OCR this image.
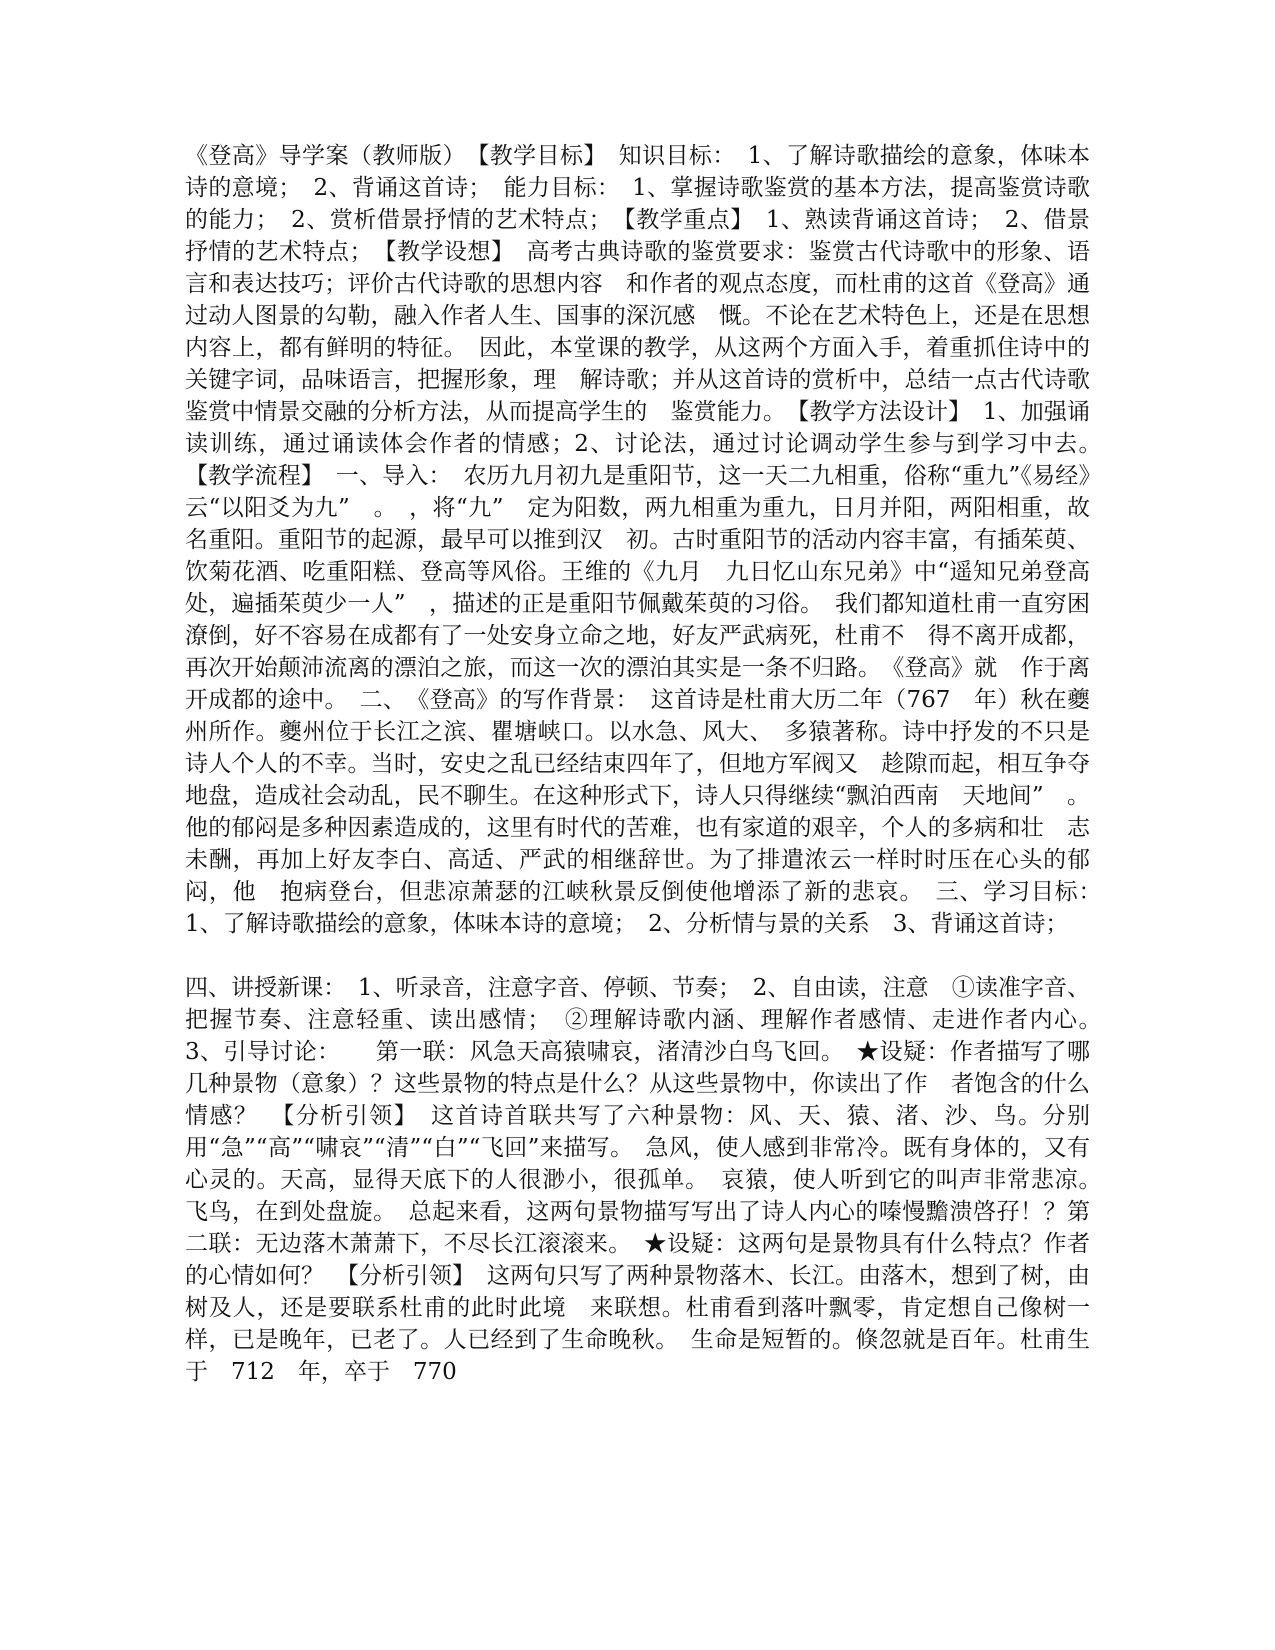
《登高》导学案（教师版）　【教学目标】　知识目标：　1、了解诗歌描绘的意象，体味本诗的意境；　2、背诵这首诗；　能力目标：　1、掌握诗歌鉴赏的基本方法，提高鉴赏诗歌的能力；　2、赏析借景抒情的艺术特点；　【教学重点】　1、熟读背诵这首诗；　2、借景抒情的艺术特点；　【教学设想】　高考古典诗歌的鉴赏要求：鉴赏古代诗歌中的形象、语言和表达技巧；评价古代诗歌的思想内容　和作者的观点态度，而杜甫的这首《登高》通过动人图景的勾勒，融入作者人生、国事的深沉感　慨。不论在艺术特色上，还是在思想内容上，都有鲜明的特征。　因此，本堂课的教学，从这两个方面入手，着重抓住诗中的关键字词，品味语言，把握形象，理　解诗歌；并从这首诗的赏析中，总结一点古代诗歌鉴赏中情景交融的分析方法，从而提高学生的　鉴赏能力。　【教学方法设计】　1、加强诵读训练，通过诵读体会作者的情感；2、讨论法，通过讨论调动学生参与到学习中去。　【教学流程】　一、导入：　农历九月初九是重阳节，这一天二九相重，俗称“重九”《易经》云“以阳爻为九”　。　，将“九”　定为阳数，两九相重为重九，日月并阳，两阳相重，故名重阳。重阳节的起源，最早可以推到汉　初。古时重阳节的活动内容丰富，有插茱萸、饮菊花酒、吃重阳糕、登高等风俗。王维的《九月　九日忆山东兄弟》中“遥知兄弟登高处，遍插茱萸少一人”　，描述的正是重阳节佩戴茱萸的习俗。　我们都知道杜甫一直穷困潦倒，好不容易在成都有了一处安身立命之地，好友严武病死，杜甫不　得不离开成都，再次开始颠沛流离的漂泊之旅，而这一次的漂泊其实是一条不归路。　《登高》就　作于离开成都的途中。　二、　《登高》的写作背景：　这首诗是杜甫大历二年（767　年）秋在夔州所作。夔州位于长江之滨、瞿塘峡口。以水急、风大、　多猿著称。诗中抒发的不只是诗人个人的不幸。当时，安史之乱已经结束四年了，但地方军阀又　趁隙而起，相互争夺地盘，造成社会动乱，民不聊生。在这种形式下，诗人只得继续“飘泊西南　天地间”　。他的郁闷是多种因素造成的，这里有时代的苦难，也有家道的艰辛，个人的多病和壮　志未酬，再加上好友李白、高适、严武的相继辞世。为了排遣浓云一样时时压在心头的郁闷，他　抱病登台，但悲凉萧瑟的江峡秋景反倒使他增添了新的悲哀。　三、学习目标：　1、了解诗歌描绘的意象，体味本诗的意境；　2、分析情与景的关系　3、背诵这首诗；

四、讲授新课：　1、听录音，注意字音、停顿、节奏；　2、自由读，注意　①读准字音、把握节奏、注意轻重、读出感情；　②理解诗歌内涵、理解作者感情、走进作者内心。　3、引导讨论：　　第一联：风急天高猿啸哀，渚清沙白鸟飞回。　★设疑：作者描写了哪几种景物（意象）？这些景物的特点是什么？从这些景物中，你读出了作　者饱含的什么情感？　【分析引领】　这首诗首联共写了六种景物：风、天、猿、渚、沙、鸟。分别用“急”“高”“啸哀”“清”“白”“飞回”来描写。　急风，使人感到非常冷。既有身体的，又有心灵的。天高，显得天底下的人很渺小，很孤单。　哀猿，使人听到它的叫声非常悲凉。　飞鸟，在到处盘旋。　总起来看，这两句景物描写写出了诗人内心的嗪慢黵溃啓孖！？第二联：无边落木萧萧下，不尽长江滚滚来。　★设疑：这两句是景物具有什么特点？作者的心情如何？　【分析引领】　这两句只写了两种景物落木、长江。由落木，想到了树，由树及人，还是要联系杜甫的此时此境　来联想。杜甫看到落叶飘零，肯定想自己像树一样，已是晚年，已老了。人已经到了生命晚秋。　生命是短暂的。倏忽就是百年。杜甫生于　712　年，卒于　770
